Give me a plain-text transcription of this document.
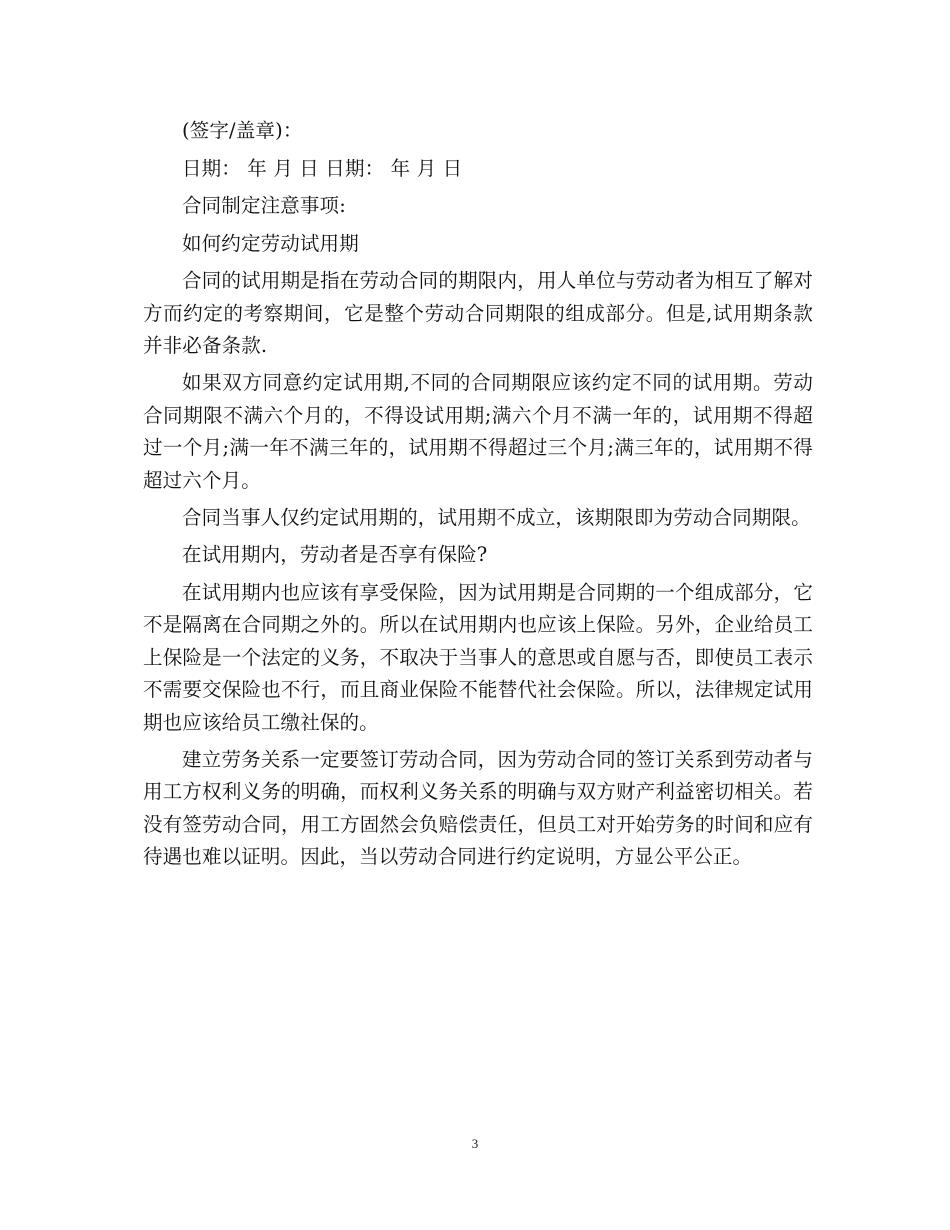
(签字/盖章)：

日期： 年 月 日 日期： 年 月 日

合同制定注意事项:

如何约定劳动试用期

合同的试用期是指在劳动合同的期限内，用人单位与劳动者为相互了解对方而约定的考察期间，它是整个劳动合同期限的组成部分。但是,试用期条款并非必备条款.

如果双方同意约定试用期,不同的合同期限应该约定不同的试用期。劳动合同期限不满六个月的，不得设试用期;满六个月不满一年的，试用期不得超过一个月;满一年不满三年的，试用期不得超过三个月;满三年的，试用期不得超过六个月。

合同当事人仅约定试用期的，试用期不成立，该期限即为劳动合同期限。

在试用期内，劳动者是否享有保险?

在试用期内也应该有享受保险，因为试用期是合同期的一个组成部分，它不是隔离在合同期之外的。所以在试用期内也应该上保险。另外，企业给员工上保险是一个法定的义务，不取决于当事人的意思或自愿与否，即使员工表示不需要交保险也不行，而且商业保险不能替代社会保险。所以，法律规定试用期也应该给员工缴社保的。

建立劳务关系一定要签订劳动合同，因为劳动合同的签订关系到劳动者与用工方权利义务的明确，而权利义务关系的明确与双方财产利益密切相关。若没有签劳动合同，用工方固然会负赔偿责任，但员工对开始劳务的时间和应有待遇也难以证明。因此，当以劳动合同进行约定说明，方显公平公正。

3
